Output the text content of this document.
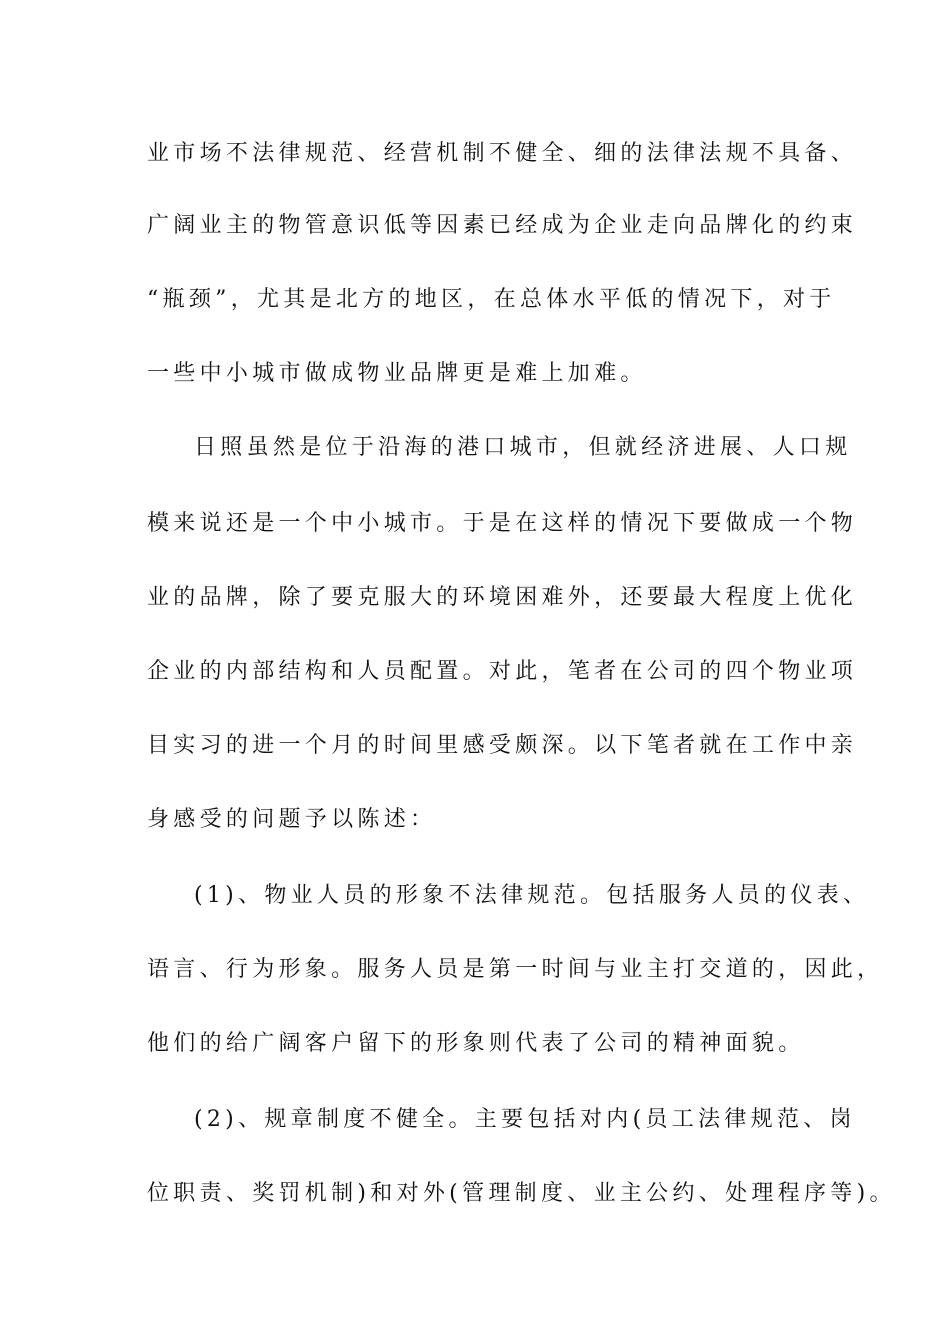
业市场不法律规范、经营机制不健全、细的法律法规不具备、
广阔业主的物管意识低等因素已经成为企业走向品牌化的约束
“瓶颈”，尤其是北方的地区，在总体水平低的情况下，对于
一些中小城市做成物业品牌更是难上加难。
日照虽然是位于沿海的港口城市，但就经济进展、人口规
模来说还是一个中小城市。于是在这样的情况下要做成一个物
业的品牌，除了要克服大的环境困难外，还要最大程度上优化
企业的内部结构和人员配置。对此，笔者在公司的四个物业项
目实习的进一个月的时间里感受颇深。以下笔者就在工作中亲
身感受的问题予以陈述：
(1)、物业人员的形象不法律规范。包括服务人员的仪表、
语言、行为形象。服务人员是第一时间与业主打交道的，因此，
他们的给广阔客户留下的形象则代表了公司的精神面貌。
(2)、规章制度不健全。主要包括对内(员工法律规范、岗
位职责、奖罚机制)和对外(管理制度、业主公约、处理程序等)。
